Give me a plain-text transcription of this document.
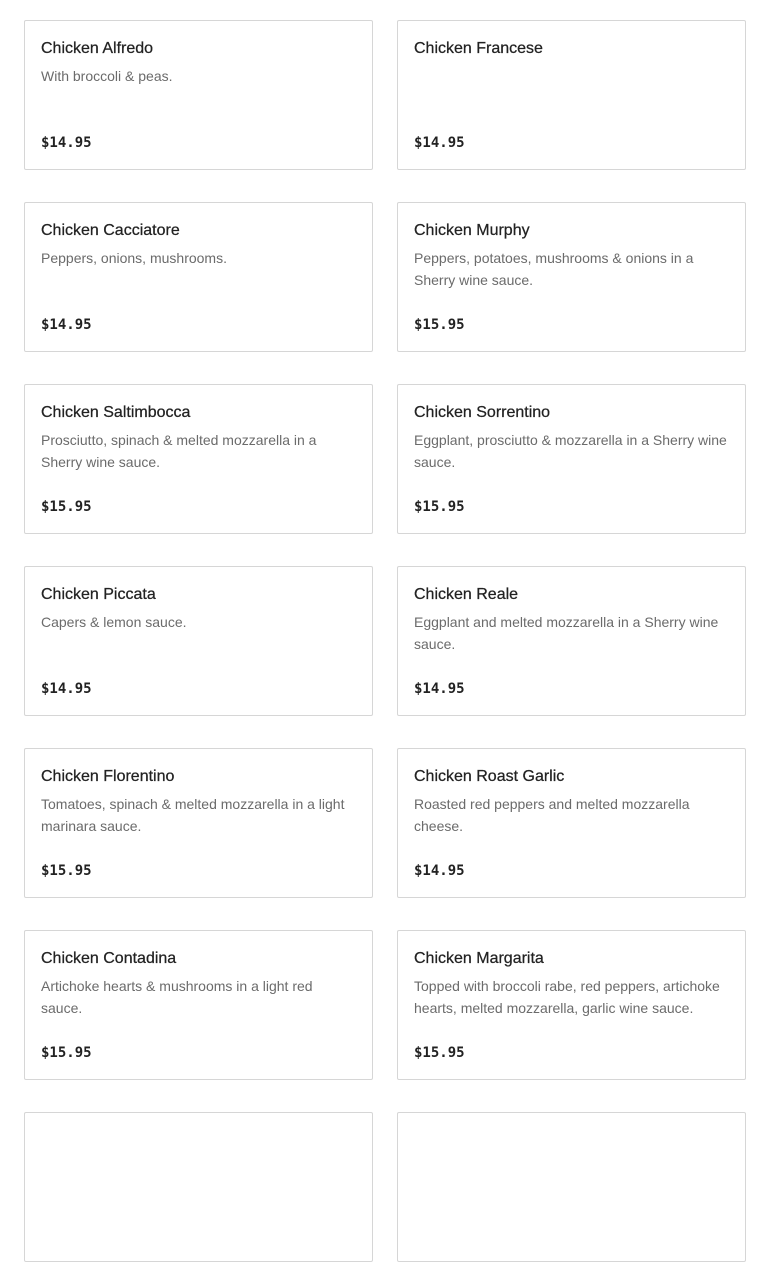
Chicken Alfredo
With broccoli & peas.
$14.95
Chicken Francese
$14.95
Chicken Cacciatore
Peppers, onions, mushrooms.
$14.95
Chicken Murphy
Peppers, potatoes, mushrooms & onions in a Sherry wine sauce.
$15.95
Chicken Saltimbocca
Prosciutto, spinach & melted mozzarella in a Sherry wine sauce.
$15.95
Chicken Sorrentino
Eggplant, prosciutto & mozzarella in a Sherry wine sauce.
$15.95
Chicken Piccata
Capers & lemon sauce.
$14.95
Chicken Reale
Eggplant and melted mozzarella in a Sherry wine sauce.
$14.95
Chicken Florentino
Tomatoes, spinach & melted mozzarella in a light marinara sauce.
$15.95
Chicken Roast Garlic
Roasted red peppers and melted mozzarella cheese.
$14.95
Chicken Contadina
Artichoke hearts & mushrooms in a light red sauce.
$15.95
Chicken Margarita
Topped with broccoli rabe, red peppers, artichoke hearts, melted mozzarella, garlic wine sauce.
$15.95
